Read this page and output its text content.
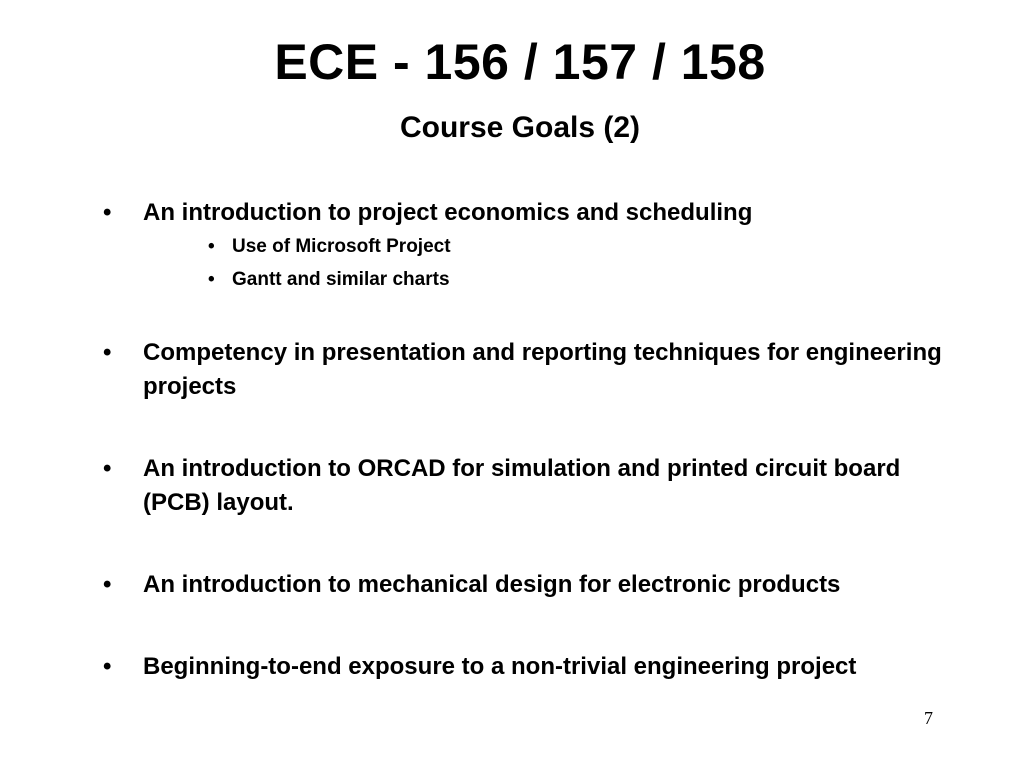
ECE - 156 / 157 / 158
Course Goals (2)
• An introduction to project economics and scheduling
• Use of Microsoft Project
• Gantt and similar charts
• Competency in presentation and reporting techniques for engineering projects
• An introduction to ORCAD for simulation and printed circuit board (PCB) layout.
• An introduction to mechanical design for electronic products
• Beginning-to-end exposure to a non-trivial engineering project
7
